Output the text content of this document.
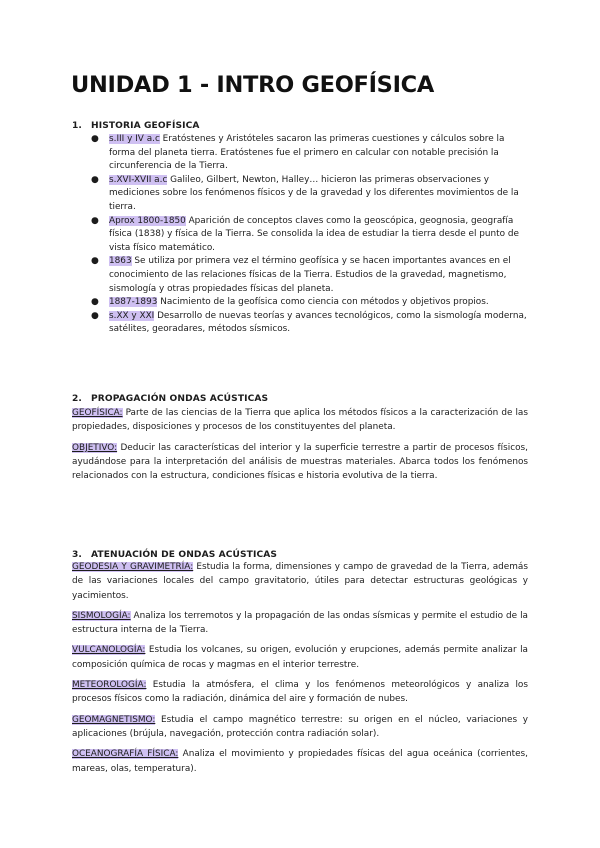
UNIDAD 1 - INTRO GEOFÍSICA
1. HISTORIA GEOFÍSICA
● s.III y IV a.c Eratóstenes y Aristóteles sacaron las primeras cuestiones y cálculos sobre la forma del planeta tierra. Eratóstenes fue el primero en calcular con notable precisión la circunferencia de la Tierra.
● s.XVI-XVII a.c Galileo, Gilbert, Newton, Halley… hicieron las primeras observaciones y mediciones sobre los fenómenos físicos y de la gravedad y los diferentes movimientos de la tierra.
● Aprox 1800-1850 Aparición de conceptos claves como la geoscópica, geognosia, geografía física (1838) y física de la Tierra. Se consolida la idea de estudiar la tierra desde el punto de vista físico matemático.
● 1863 Se utiliza por primera vez el término geofísica y se hacen importantes avances en el conocimiento de las relaciones físicas de la Tierra. Estudios de la gravedad, magnetismo, sismología y otras propiedades físicas del planeta.
● 1887-1893 Nacimiento de la geofísica como ciencia con métodos y objetivos propios.
● s.XX y XXI Desarrollo de nuevas teorías y avances tecnológicos, como la sismología moderna, satélites, georadares, métodos sísmicos.
2. PROPAGACIÓN ONDAS ACÚSTICAS

GEOFÍSICA: Parte de las ciencias de la Tierra que aplica los métodos físicos a la caracterización de las propiedades, disposiciones y procesos de los constituyentes del planeta.

OBJETIVO: Deducir las características del interior y la superficie terrestre a partir de procesos físicos, ayudándose para la interpretación del análisis de muestras materiales. Abarca todos los fenómenos relacionados con la estructura, condiciones físicas e historia evolutiva de la tierra.

3. ATENUACIÓN DE ONDAS ACÚSTICAS

GEODESIA Y GRAVIMETRÍA: Estudia la forma, dimensiones y campo de gravedad de la Tierra, además de las variaciones locales del campo gravitatorio, útiles para detectar estructuras geológicas y yacimientos.

SISMOLOGÍA: Analiza los terremotos y la propagación de las ondas sísmicas y permite el estudio de la estructura interna de la Tierra.

VULCANOLOGÍA: Estudia los volcanes, su origen, evolución y erupciones, además permite analizar la composición química de rocas y magmas en el interior terrestre.

METEOROLOGÍA: Estudia la atmósfera, el clima y los fenómenos meteorológicos y analiza los procesos físicos como la radiación, dinámica del aire y formación de nubes.

GEOMAGNETISMO: Estudia el campo magnético terrestre: su origen en el núcleo, variaciones y aplicaciones (brújula, navegación, protección contra radiación solar).

OCEANOGRAFÍA FÍSICA: Analiza el movimiento y propiedades físicas del agua oceánica (corrientes, mareas, olas, temperatura).
